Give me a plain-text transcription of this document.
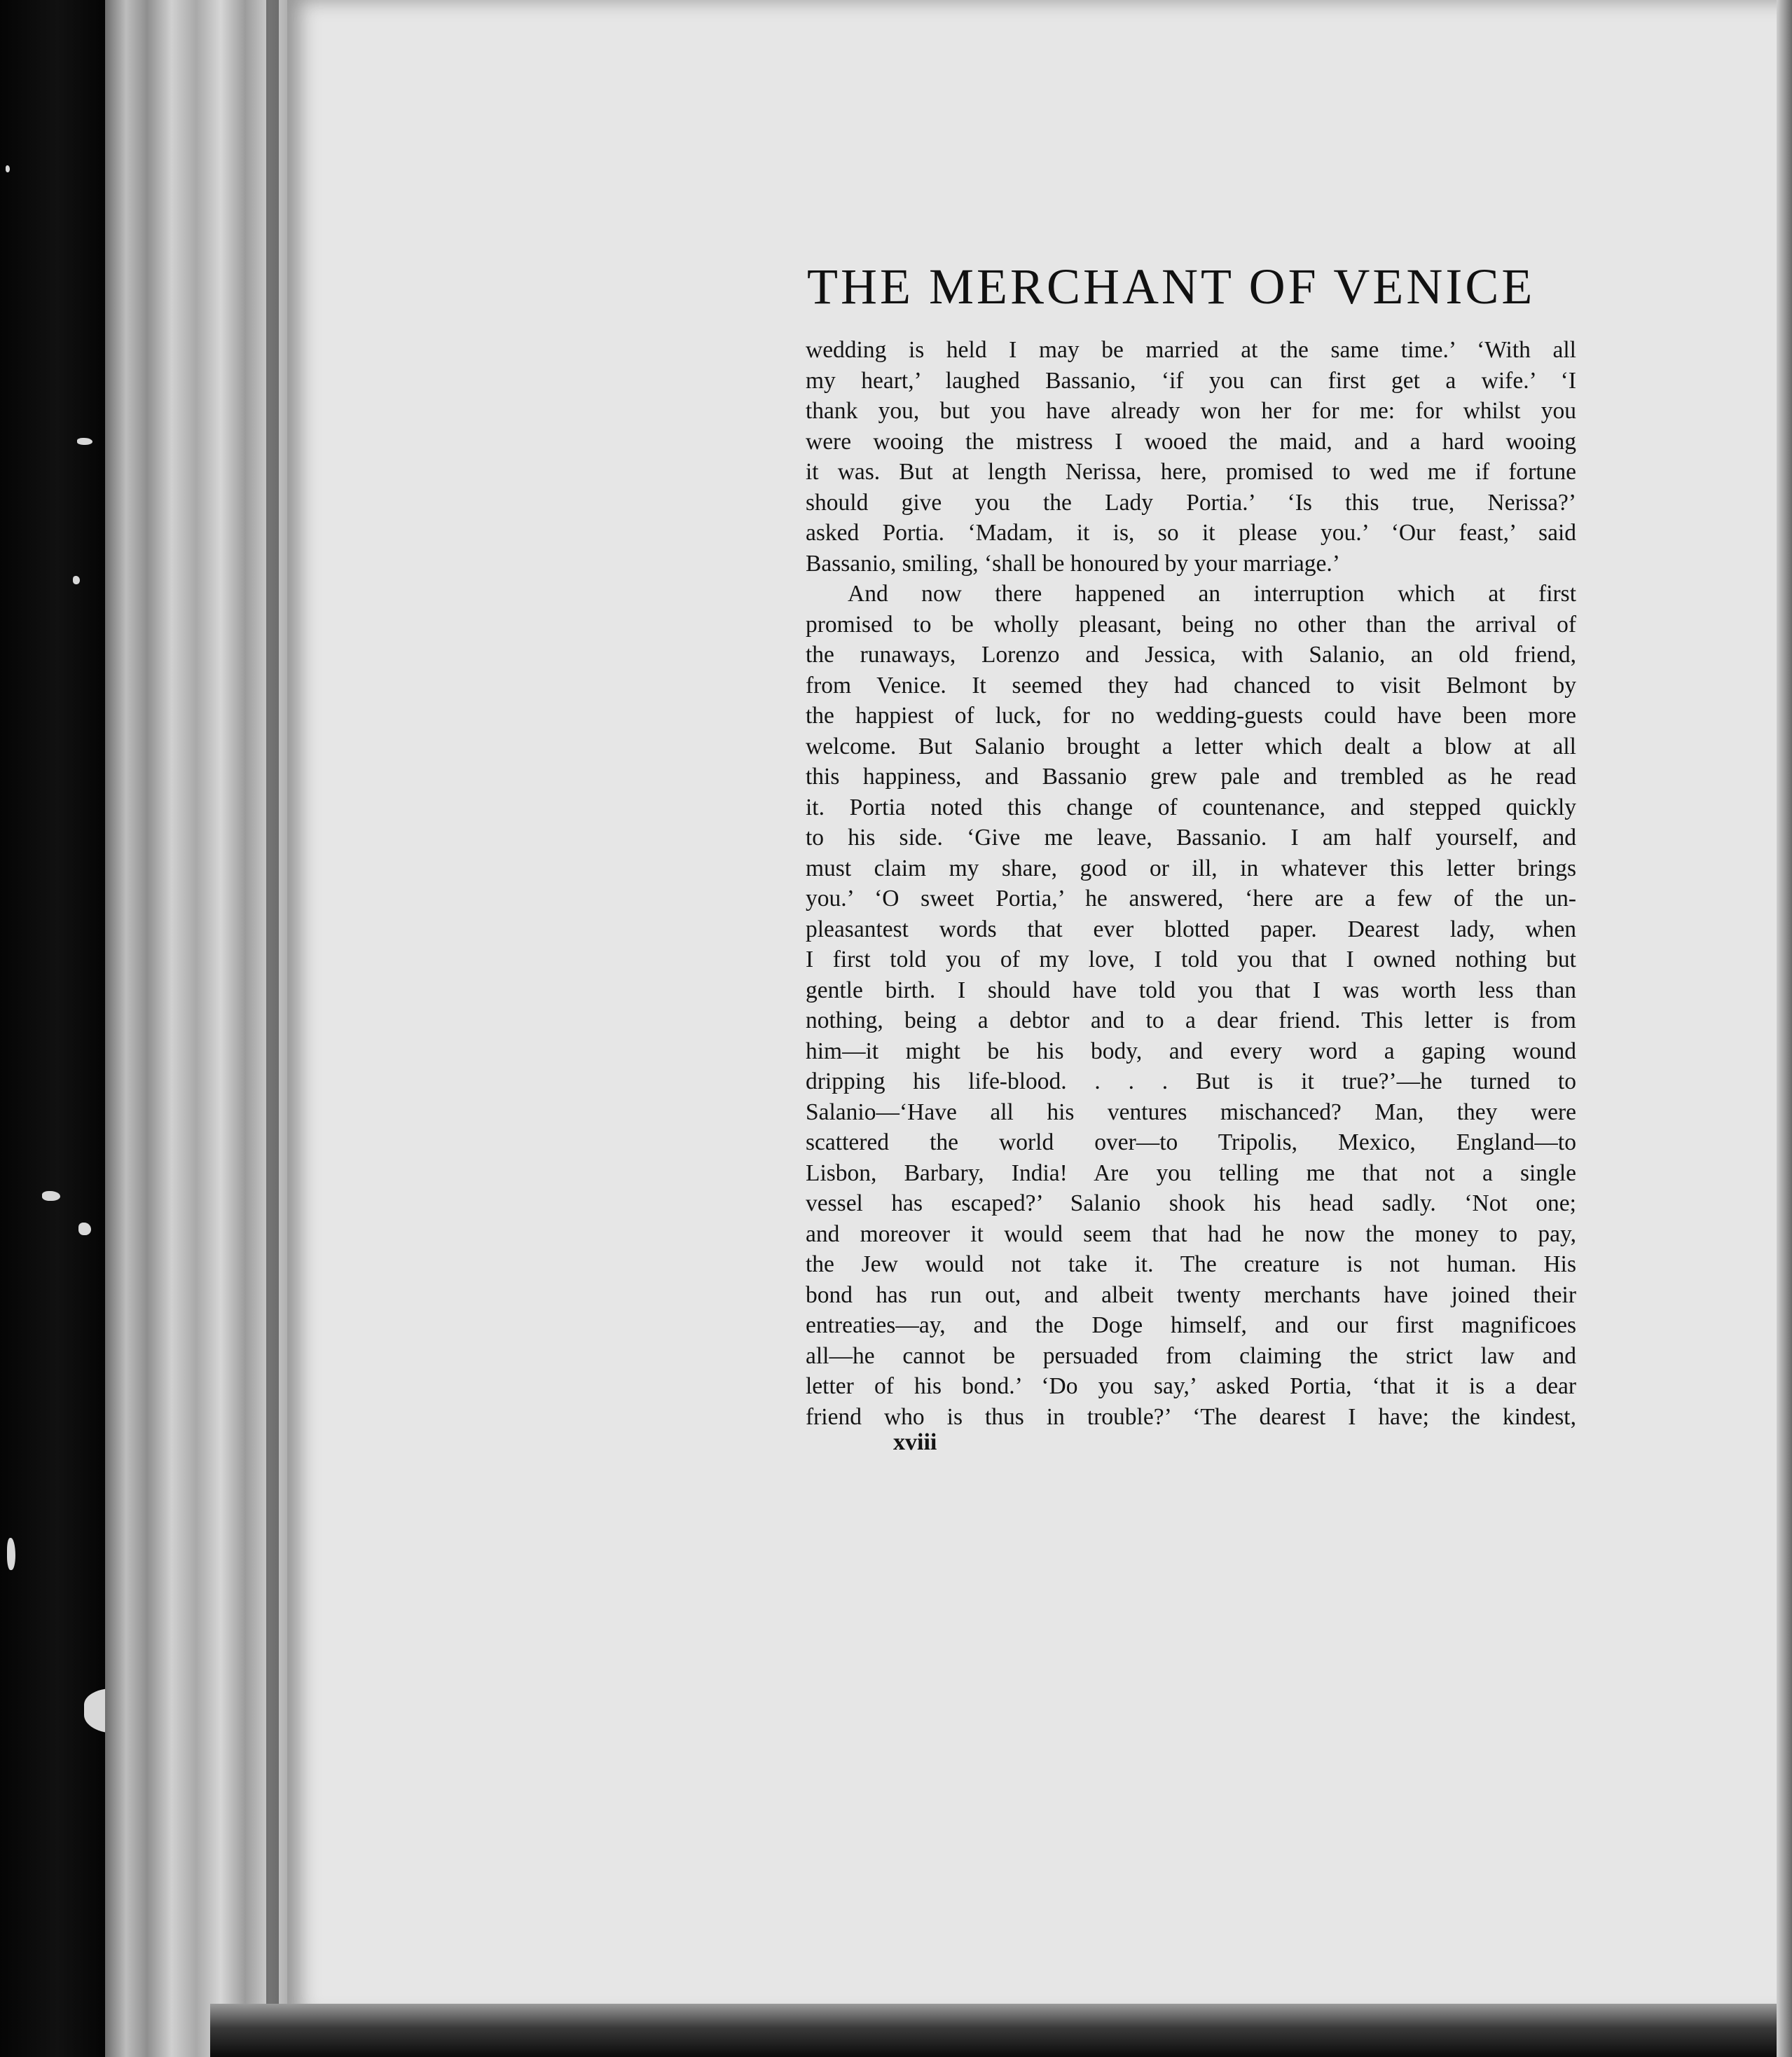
THE MERCHANT OF VENICE
wedding is held I may be married at the same time.’ ‘With all
my heart,’ laughed Bassanio, ‘if you can first get a wife.’ ‘I
thank you, but you have already won her for me: for whilst you
were wooing the mistress I wooed the maid, and a hard wooing
it was. But at length Nerissa, here, promised to wed me if fortune
should give you the Lady Portia.’ ‘Is this true, Nerissa?’
asked Portia. ‘Madam, it is, so it please you.’ ‘Our feast,’ said
Bassanio, smiling, ‘shall be honoured by your marriage.’
And now there happened an interruption which at first
promised to be wholly pleasant, being no other than the arrival of
the runaways, Lorenzo and Jessica, with Salanio, an old friend,
from Venice. It seemed they had chanced to visit Belmont by
the happiest of luck, for no wedding-guests could have been more
welcome. But Salanio brought a letter which dealt a blow at all
this happiness, and Bassanio grew pale and trembled as he read
it. Portia noted this change of countenance, and stepped quickly
to his side. ‘Give me leave, Bassanio. I am half yourself, and
must claim my share, good or ill, in whatever this letter brings
you.’ ‘O sweet Portia,’ he answered, ‘here are a few of the un-
pleasantest words that ever blotted paper. Dearest lady, when
I first told you of my love, I told you that I owned nothing but
gentle birth. I should have told you that I was worth less than
nothing, being a debtor and to a dear friend. This letter is from
him—it might be his body, and every word a gaping wound
dripping his life-blood. . . . But is it true?’—he turned to
Salanio—‘Have all his ventures mischanced? Man, they were
scattered the world over—to Tripolis, Mexico, England—to
Lisbon, Barbary, India! Are you telling me that not a single
vessel has escaped?’ Salanio shook his head sadly. ‘Not one;
and moreover it would seem that had he now the money to pay,
the Jew would not take it. The creature is not human. His
bond has run out, and albeit twenty merchants have joined their
entreaties—ay, and the Doge himself, and our first magnificoes
all—he cannot be persuaded from claiming the strict law and
letter of his bond.’ ‘Do you say,’ asked Portia, ‘that it is a dear
friend who is thus in trouble?’ ‘The dearest I have; the kindest,
xviii
